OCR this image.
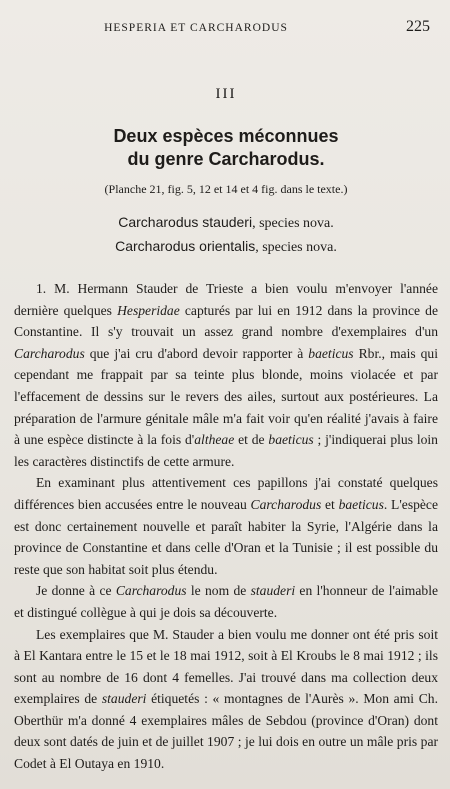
HESPERIA ET CARCHARODUS	225
III
Deux espèces méconnues
du genre Carcharodus.
(Planche 21, fig. 5, 12 et 14 et 4 fig. dans le texte.)
Carcharodus stauderi, species nova.
Carcharodus orientalis, species nova.

1. M. Hermann Stauder de Trieste a bien voulu m'envoyer l'année dernière quelques Hesperidae capturés par lui en 1912 dans la province de Constantine. Il s'y trouvait un assez grand nombre d'exemplaires d'un Carcharodus que j'ai cru d'abord devoir rapporter à baeticus Rbr., mais qui cependant me frappait par sa teinte plus blonde, moins violacée et par l'effacement de dessins sur le revers des ailes, surtout aux postérieures. La préparation de l'armure génitale mâle m'a fait voir qu'en réalité j'avais à faire à une espèce distincte à la fois d'altheae et de baeticus ; j'indiquerai plus loin les caractères distinctifs de cette armure.

En examinant plus attentivement ces papillons j'ai constaté quelques différences bien accusées entre le nouveau Carcharodus et baeticus. L'espèce est donc certainement nouvelle et paraît habiter la Syrie, l'Algérie dans la province de Constantine et dans celle d'Oran et la Tunisie ; il est possible du reste que son habitat soit plus étendu.

Je donne à ce Carcharodus le nom de stauderi en l'honneur de l'aimable et distingué collègue à qui je dois sa découverte.

Les exemplaires que M. Stauder a bien voulu me donner ont été pris soit à El Kantara entre le 15 et le 18 mai 1912, soit à El Kroubs le 8 mai 1912 ; ils sont au nombre de 16 dont 4 femelles. J'ai trouvé dans ma collection deux exemplaires de stauderi étiquetés : « montagnes de l'Aurès ». Mon ami Ch. Oberthür m'a donné 4 exemplaires mâles de Sebdou (province d'Oran) dont deux sont datés de juin et de juillet 1907 ; je lui dois en outre un mâle pris par Codet à El Outaya en 1910.
